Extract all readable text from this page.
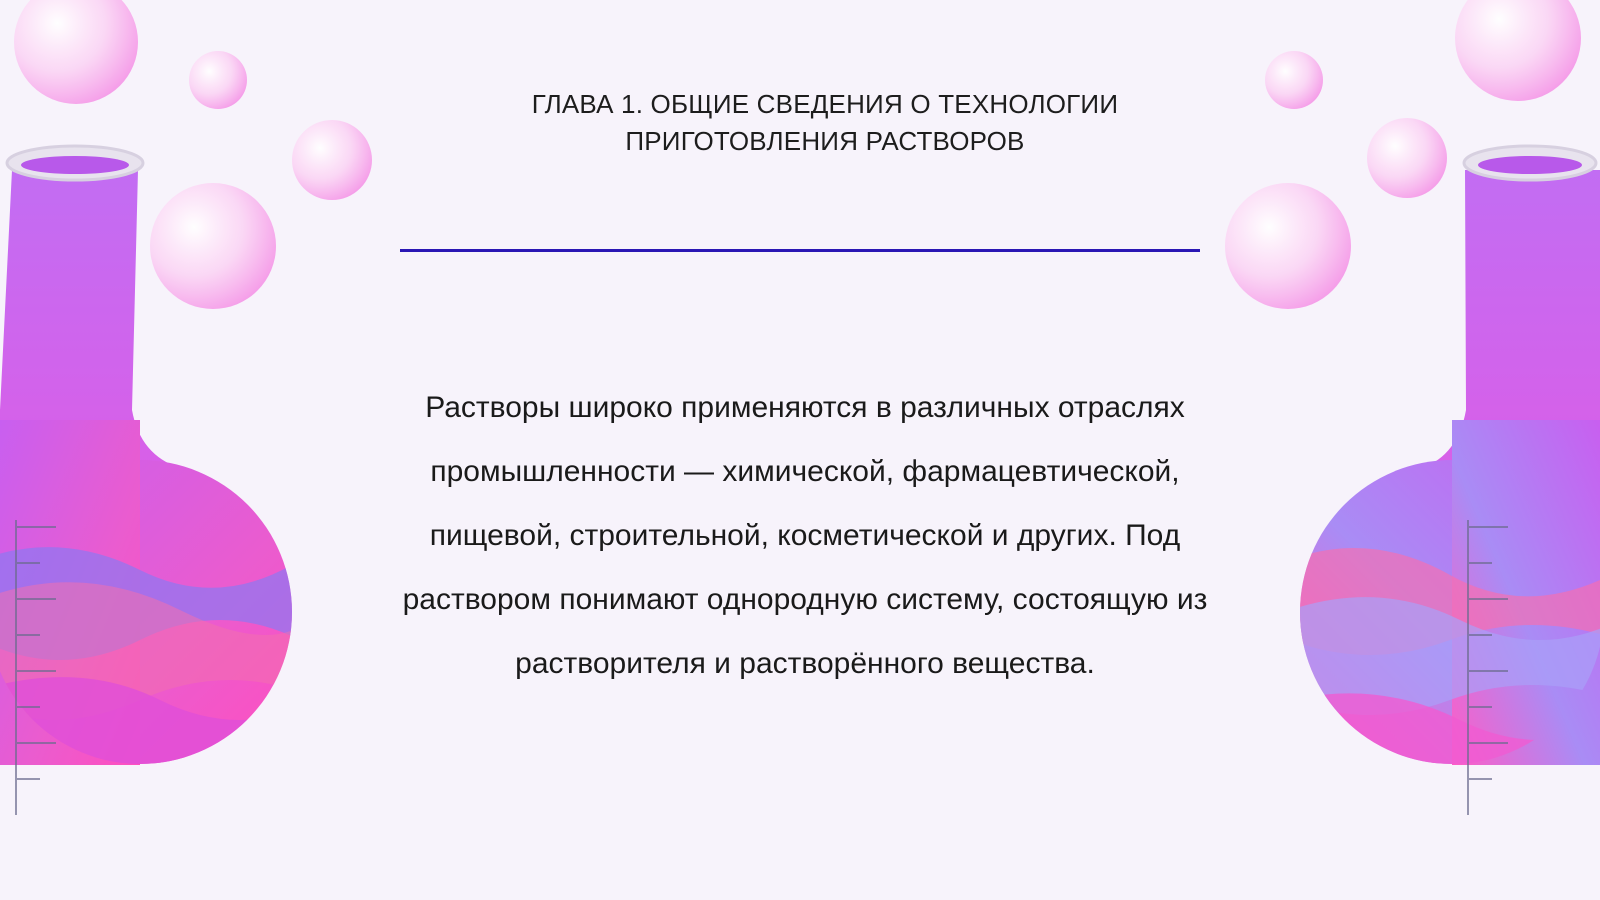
ГЛАВА 1. ОБЩИЕ СВЕДЕНИЯ О ТЕХНОЛОГИИ ПРИГОТОВЛЕНИЯ РАСТВОРОВ
Растворы широко применяются в различных отраслях промышленности — химической, фармацевтической, пищевой, строительной, косметической и других. Под раствором понимают однородную систему, состоящую из растворителя и растворённого вещества.
